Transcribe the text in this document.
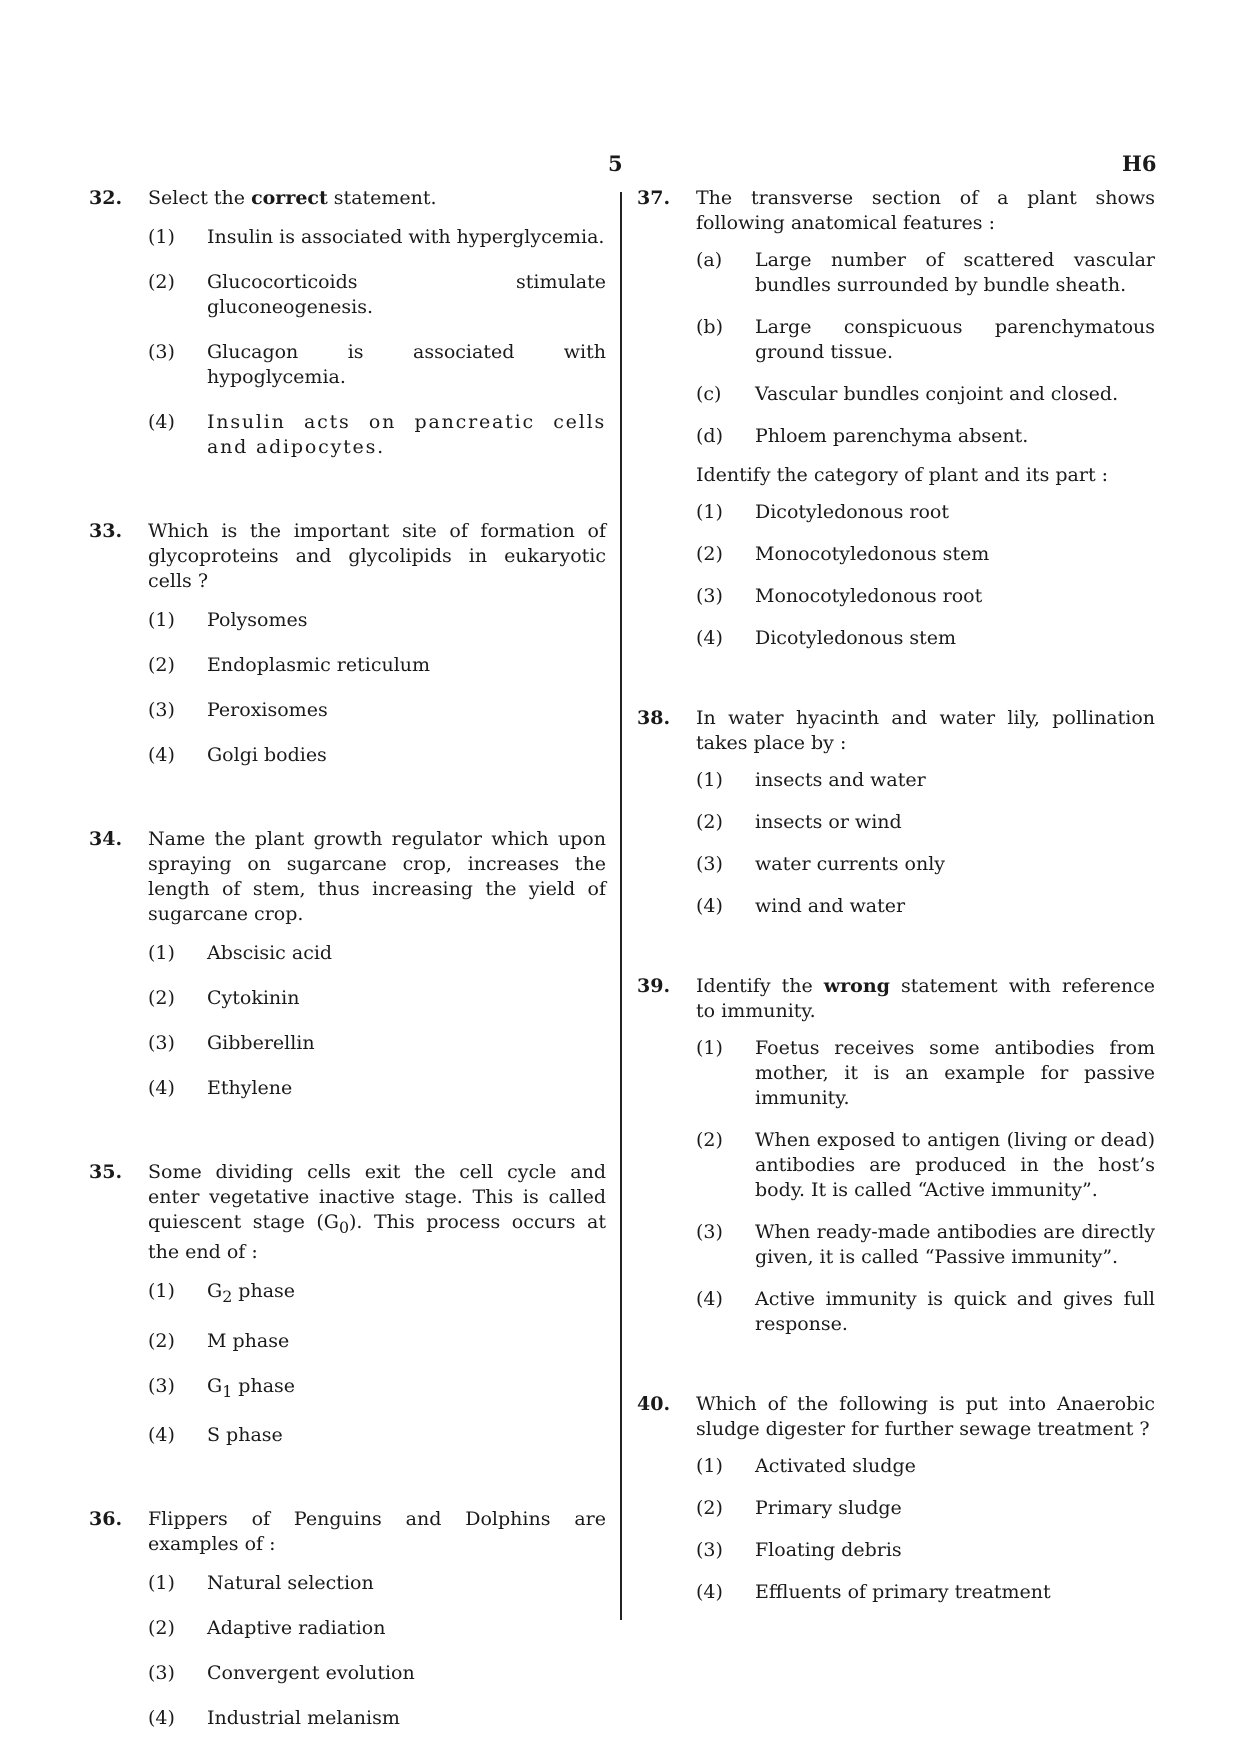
5	H6
32. Select the correct statement.
(1)	Insulin is associated with hyperglycemia.
(2)	Glucocorticoids stimulate gluconeogenesis.
(3)	Glucagon is associated with hypoglycemia.
(4)	Insulin acts on pancreatic cells and adipocytes.
33. Which is the important site of formation of glycoproteins and glycolipids in eukaryotic cells ?
(1)	Polysomes
(2)	Endoplasmic reticulum
(3)	Peroxisomes
(4)	Golgi bodies
34. Name the plant growth regulator which upon spraying on sugarcane crop, increases the length of stem, thus increasing the yield of sugarcane crop.
(1)	Abscisic acid
(2)	Cytokinin
(3)	Gibberellin
(4)	Ethylene
35. Some dividing cells exit the cell cycle and enter vegetative inactive stage. This is called quiescent stage $(G_0)$. This process occurs at the end of :
(1)	$G_2$ phase
(2)	M phase
(3)	$G_1$ phase
(4)	S phase
36. Flippers of Penguins and Dolphins are examples of :
(1)	Natural selection
(2)	Adaptive radiation
(3)	Convergent evolution
(4)	Industrial melanism
37. The transverse section of a plant shows following anatomical features :
(a)	Large number of scattered vascular bundles surrounded by bundle sheath.
(b)	Large conspicuous parenchymatous ground tissue.
(c)	Vascular bundles conjoint and closed.
(d)	Phloem parenchyma absent.
Identify the category of plant and its part :
(1)	Dicotyledonous root
(2)	Monocotyledonous stem
(3)	Monocotyledonous root
(4)	Dicotyledonous stem
38. In water hyacinth and water lily, pollination takes place by :
(1)	insects and water
(2)	insects or wind
(3)	water currents only
(4)	wind and water
39. Identify the wrong statement with reference to immunity.
(1)	Foetus receives some antibodies from mother, it is an example for passive immunity.
(2)	When exposed to antigen (living or dead) antibodies are produced in the host’s body. It is called “Active immunity”.
(3)	When ready-made antibodies are directly given, it is called “Passive immunity”.
(4)	Active immunity is quick and gives full response.
40. Which of the following is put into Anaerobic sludge digester for further sewage treatment ?
(1)	Activated sludge
(2)	Primary sludge
(3)	Floating debris
(4)	Effluents of primary treatment
